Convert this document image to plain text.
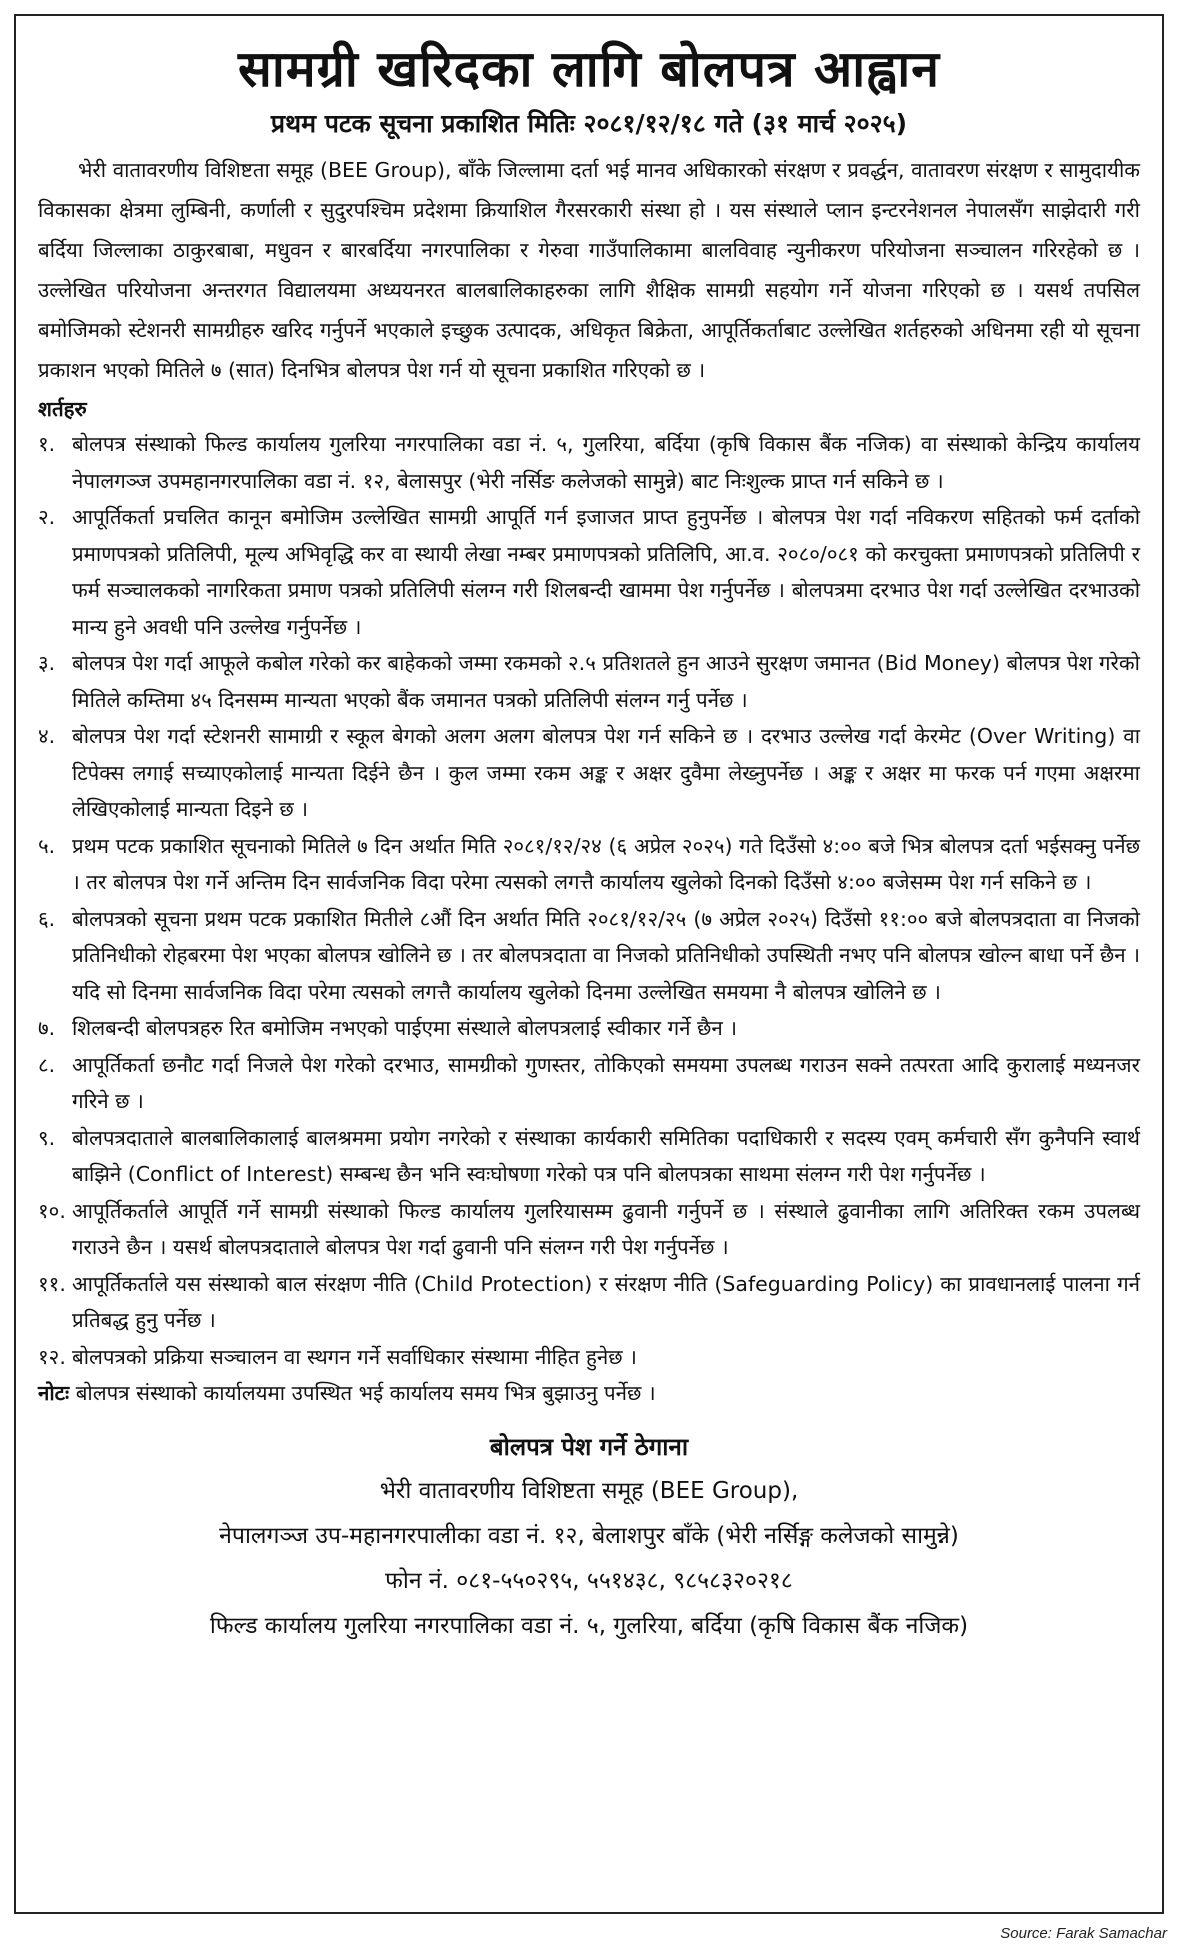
सामग्री खरिदका लागि बोलपत्र आह्वान
प्रथम पटक सूचना प्रकाशित मितिः २०८१/१२/१८ गते (३१ मार्च २०२५)

भेरी वातावरणीय विशिष्टता समूह (BEE Group), बाँके जिल्लामा दर्ता भई मानव अधिकारको संरक्षण र प्रवर्द्धन, वातावरण संरक्षण र सामुदायीक विकासका क्षेत्रमा लुम्बिनी, कर्णाली र सुदुरपश्चिम प्रदेशमा क्रियाशिल गैरसरकारी संस्था हो । यस संस्थाले प्लान इन्टरनेशनल नेपालसँग साझेदारी गरी बर्दिया जिल्लाका ठाकुरबाबा, मधुवन र बारबर्दिया नगरपालिका र गेरुवा गाउँपालिकामा बालविवाह न्युनीकरण परियोजना सञ्चालन गरिरहेको छ । उल्लेखित परियोजना अन्तरगत विद्यालयमा अध्ययनरत बालबालिकाहरुका लागि शैक्षिक सामग्री सहयोग गर्ने योजना गरिएको छ । यसर्थ तपसिल बमोजिमको स्टेशनरी सामग्रीहरु खरिद गर्नुपर्ने भएकाले इच्छुक उत्पादक, अधिकृत बिक्रेता, आपूर्तिकर्ताबाट उल्लेखित शर्तहरुको अधिनमा रही यो सूचना प्रकाशन भएको मितिले ७ (सात) दिनभित्र बोलपत्र पेश गर्न यो सूचना प्रकाशित गरिएको छ ।

शर्तहरु
१. बोलपत्र संस्थाको फिल्ड कार्यालय गुलरिया नगरपालिका वडा नं. ५, गुलरिया, बर्दिया (कृषि विकास बैंक नजिक) वा संस्थाको केन्द्रिय कार्यालय नेपालगञ्ज उपमहानगरपालिका वडा नं. १२, बेलासपुर (भेरी नर्सिङ कलेजको सामुन्ने) बाट निःशुल्क प्राप्त गर्न सकिने छ ।
२. आपूर्तिकर्ता प्रचलित कानून बमोजिम उल्लेखित सामग्री आपूर्ति गर्न इजाजत प्राप्त हुनुपर्नेछ । बोलपत्र पेश गर्दा नविकरण सहितको फर्म दर्ताको प्रमाणपत्रको प्रतिलिपी, मूल्य अभिवृद्धि कर वा स्थायी लेखा नम्बर प्रमाणपत्रको प्रतिलिपि, आ.व. २०८०/०८१ को करचुक्ता प्रमाणपत्रको प्रतिलिपी र फर्म सञ्चालकको नागरिकता प्रमाण पत्रको प्रतिलिपी संलग्न गरी शिलबन्दी खाममा पेश गर्नुपर्नेछ । बोलपत्रमा दरभाउ पेश गर्दा उल्लेखित दरभाउको मान्य हुने अवधी पनि उल्लेख गर्नुपर्नेछ ।
३. बोलपत्र पेश गर्दा आफूले कबोल गरेको कर बाहेकको जम्मा रकमको २.५ प्रतिशतले हुन आउने सुरक्षण जमानत (Bid Money) बोलपत्र पेश गरेको मितिले कम्तिमा ४५ दिनसम्म मान्यता भएको बैंक जमानत पत्रको प्रतिलिपी संलग्न गर्नु पर्नेछ ।
४. बोलपत्र पेश गर्दा स्टेशनरी सामाग्री र स्कूल बेगको अलग अलग बोलपत्र पेश गर्न सकिने छ । दरभाउ उल्लेख गर्दा केरमेट (Over Writing) वा टिपेक्स लगाई सच्याएकोलाई मान्यता दिईने छैन । कुल जम्मा रकम अङ्क र अक्षर दुवैमा लेख्नुपर्नेछ । अङ्क र अक्षर मा फरक पर्न गएमा अक्षरमा लेखिएकोलाई मान्यता दिइने छ ।
५. प्रथम पटक प्रकाशित सूचनाको मितिले ७ दिन अर्थात मिति २०८१/१२/२४ (६ अप्रेल २०२५) गते दिउँसो ४:०० बजे भित्र बोलपत्र दर्ता भईसक्नु पर्नेछ । तर बोलपत्र पेश गर्ने अन्तिम दिन सार्वजनिक विदा परेमा त्यसको लगत्तै कार्यालय खुलेको दिनको दिउँसो ४:०० बजेसम्म पेश गर्न सकिने छ ।
६. बोलपत्रको सूचना प्रथम पटक प्रकाशित मितीले ८औं दिन अर्थात मिति २०८१/१२/२५ (७ अप्रेल २०२५) दिउँसो ११:०० बजे बोलपत्रदाता वा निजको प्रतिनिधीको रोहबरमा पेश भएका बोलपत्र खोलिने छ । तर बोलपत्रदाता वा निजको प्रतिनिधीको उपस्थिती नभए पनि बोलपत्र खोल्न बाधा पर्ने छैन । यदि सो दिनमा सार्वजनिक विदा परेमा त्यसको लगत्तै कार्यालय खुलेको दिनमा उल्लेखित समयमा नै बोलपत्र खोलिने छ ।
७. शिलबन्दी बोलपत्रहरु रित बमोजिम नभएको पाईएमा संस्थाले बोलपत्रलाई स्वीकार गर्ने छैन ।
८. आपूर्तिकर्ता छनौट गर्दा निजले पेश गरेको दरभाउ, सामग्रीको गुणस्तर, तोकिएको समयमा उपलब्ध गराउन सक्ने तत्परता आदि कुरालाई मध्यनजर गरिने छ ।
९. बोलपत्रदाताले बालबालिकालाई बालश्रममा प्रयोग नगरेको र संस्थाका कार्यकारी समितिका पदाधिकारी र सदस्य एवम् कर्मचारी सँग कुनैपनि स्वार्थ बाझिने (Conflict of Interest) सम्बन्ध छैन भनि स्वःघोषणा गरेको पत्र पनि बोलपत्रका साथमा संलग्न गरी पेश गर्नुपर्नेछ ।
१०. आपूर्तिकर्ताले आपूर्ति गर्ने सामग्री संस्थाको फिल्ड कार्यालय गुलरियासम्म ढुवानी गर्नुपर्ने छ । संस्थाले ढुवानीका लागि अतिरिक्त रकम उपलब्ध गराउने छैन । यसर्थ बोलपत्रदाताले बोलपत्र पेश गर्दा ढुवानी पनि संलग्न गरी पेश गर्नुपर्नेछ ।
११. आपूर्तिकर्ताले यस संस्थाको बाल संरक्षण नीति (Child Protection) र संरक्षण नीति (Safeguarding Policy) का प्रावधानलाई पालना गर्न प्रतिबद्ध हुनु पर्नेछ ।
१२. बोलपत्रको प्रक्रिया सञ्चालन वा स्थगन गर्ने सर्वाधिकार संस्थामा नीहित हुनेछ ।

नोटः बोलपत्र संस्थाको कार्यालयमा उपस्थित भई कार्यालय समय भित्र बुझाउनु पर्नेछ ।

बोलपत्र पेश गर्ने ठेगाना
भेरी वातावरणीय विशिष्टता समूह (BEE Group),
नेपालगञ्ज उप-महानगरपालीका वडा नं. १२, बेलाशपुर बाँके (भेरी नर्सिङ्ग कलेजको सामुन्ने)
फोन नं. ०८१-५५०२९५, ५५१४३८, ९८५८३२०२१८
फिल्ड कार्यालय गुलरिया नगरपालिका वडा नं. ५, गुलरिया, बर्दिया (कृषि विकास बैंक नजिक)
Source: Farak Samachar
